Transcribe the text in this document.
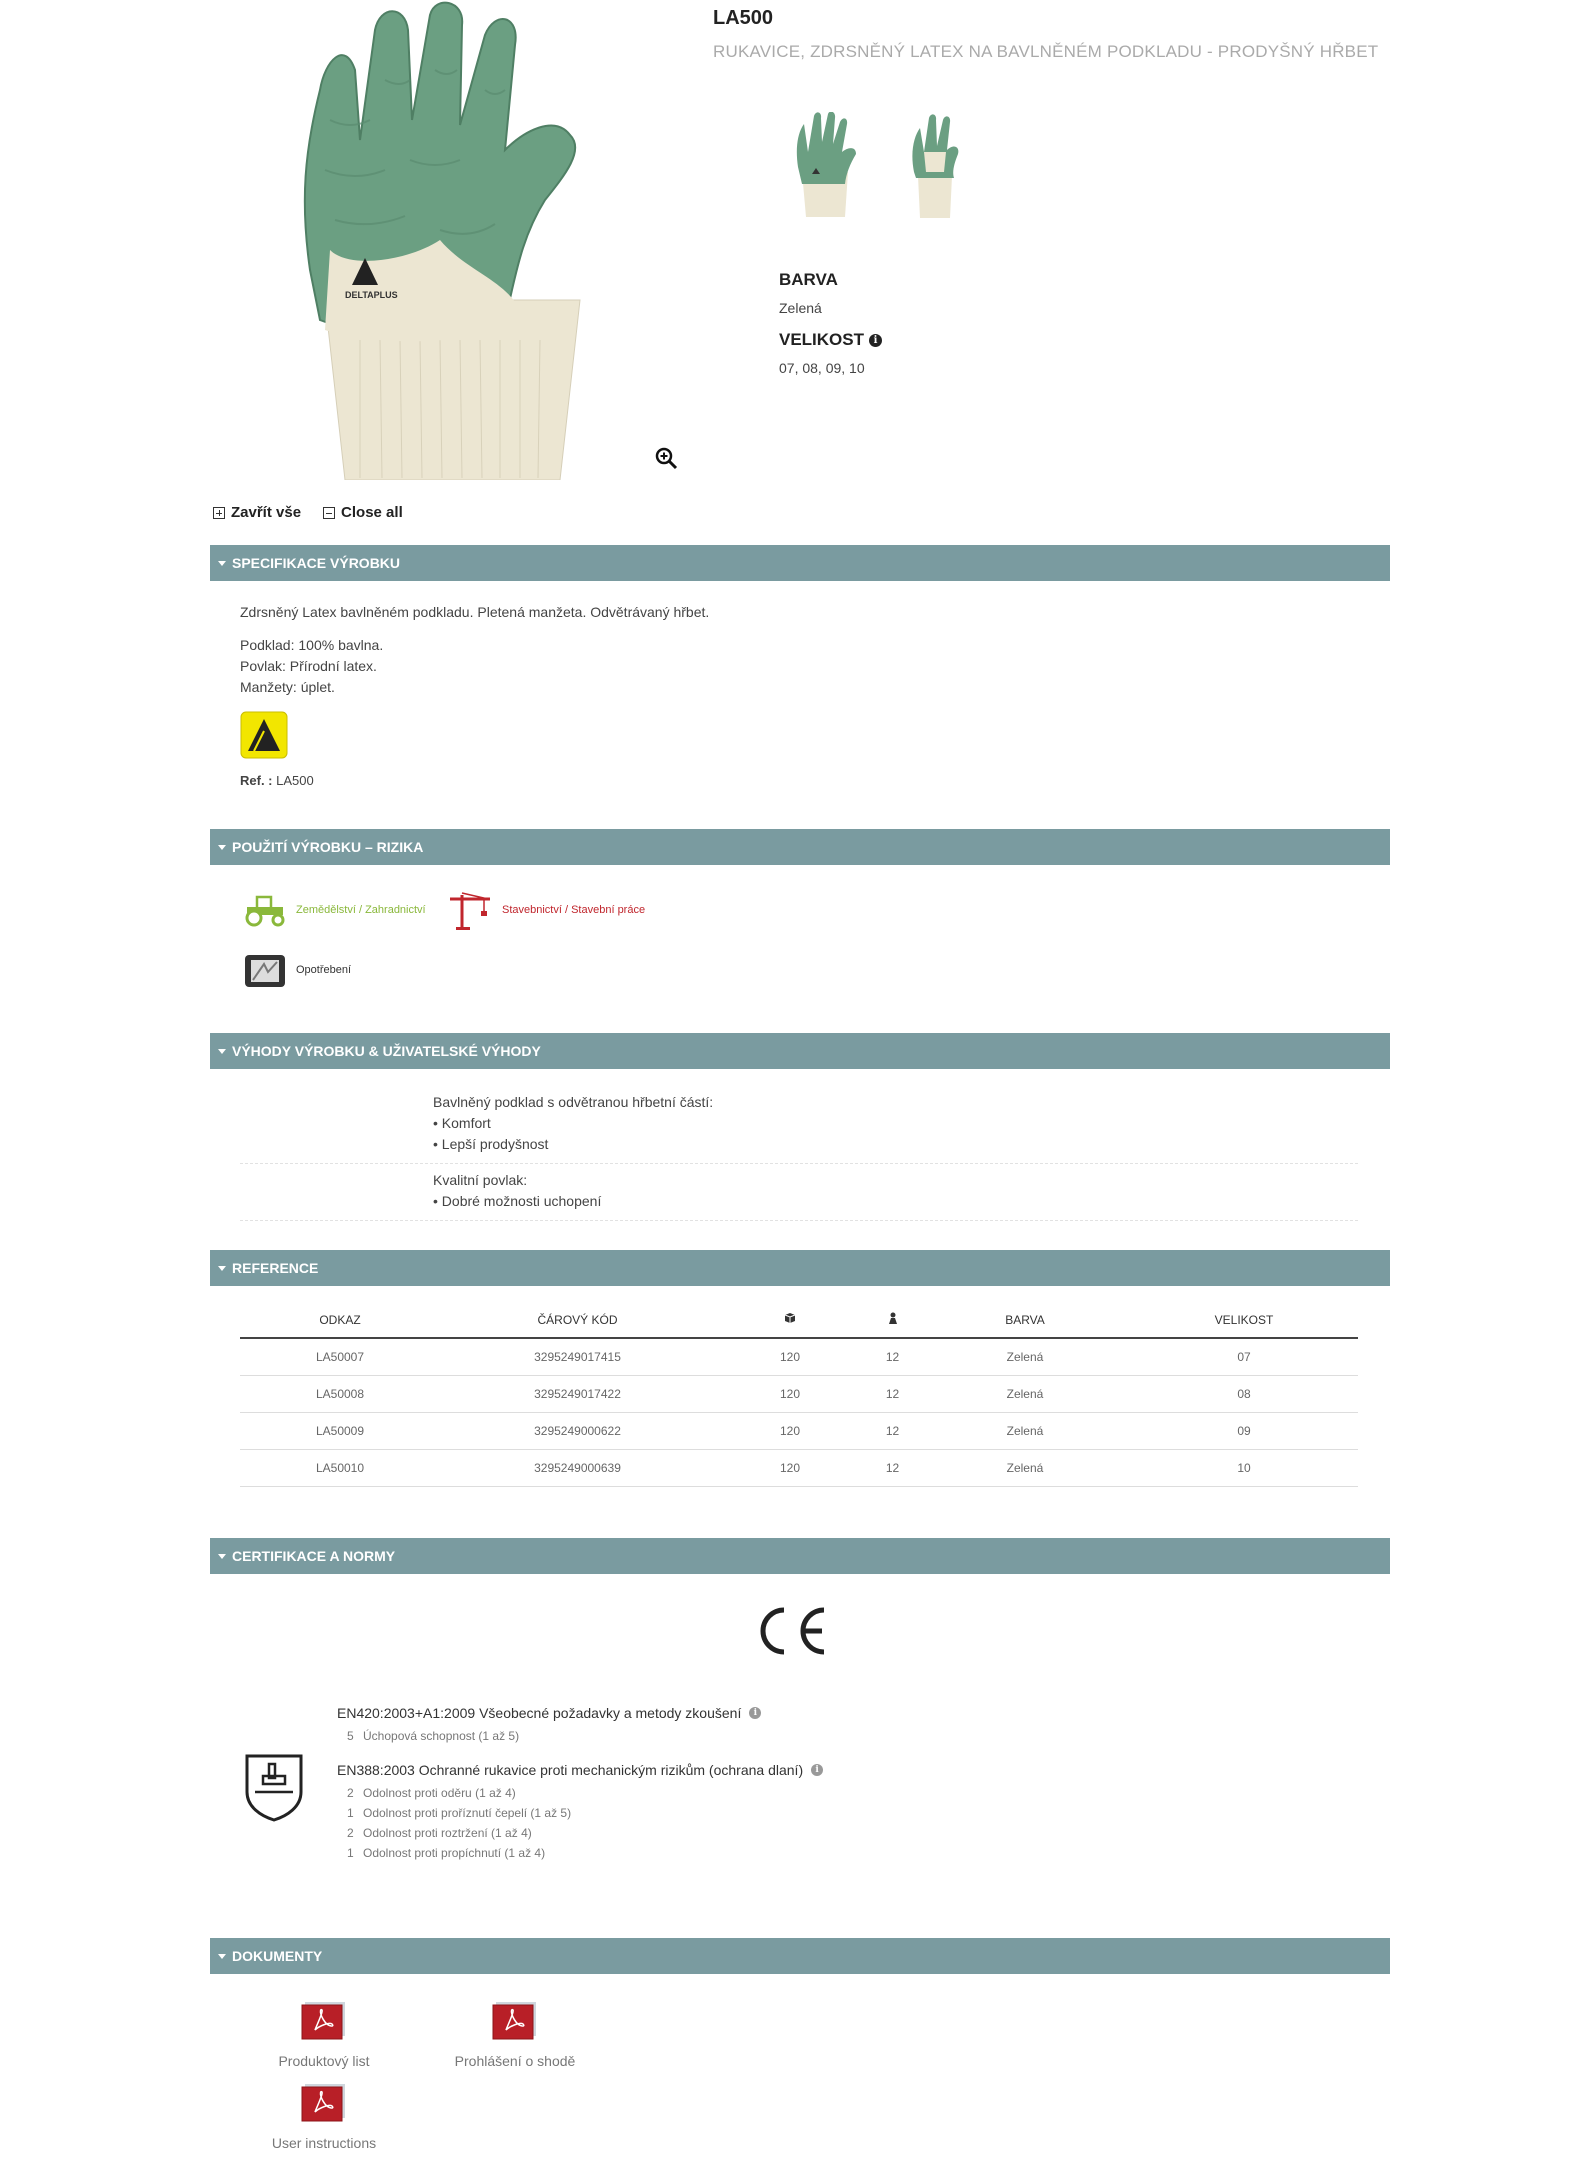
DELTAPLUS
LA500
RUKAVICE, ZDRSNĚNÝ LATEX NA BAVLNĚNÉM PODKLADU - PRODYŠNÝ HŘBET
BARVA
Zelená
VELIKOST i
07, 08, 09, 10
Zavřít vše	Close all
SPECIFIKACE VÝROBKU
Zdrsněný Latex bavlněném podkladu. Pletená manžeta. Odvětrávaný hřbet.
Podklad: 100% bavlna.
Povlak: Přírodní latex.
Manžety: úplet.
Ref. : LA500
POUŽITÍ VÝROBKU – RIZIKA
Zemědělství / Zahradnictví	Stavebnictví / Stavební práce
Opotřebení
VÝHODY VÝROBKU & UŽIVATELSKÉ VÝHODY
Bavlněný podklad s odvětranou hřbetní částí:
• Komfort
• Lepší prodyšnost
Kvalitní povlak:
• Dobré možnosti uchopení
REFERENCE
ODKAZ	ČÁROVÝ KÓD			BARVA	VELIKOST
LA50007	3295249017415	120	12	Zelená	07
LA50008	3295249017422	120	12	Zelená	08
LA50009	3295249000622	120	12	Zelená	09
LA50010	3295249000639	120	12	Zelená	10
CERTIFIKACE A NORMY
EN420:2003+A1:2009 Všeobecné požadavky a metody zkoušení	i
5 Úchopová schopnost (1 až 5)
EN388:2003 Ochranné rukavice proti mechanickým rizikům (ochrana dlaní)	i
2 Odolnost proti oděru (1 až 4)
1 Odolnost proti proříznutí čepelí (1 až 5)
2 Odolnost proti roztržení (1 až 4)
1 Odolnost proti propíchnutí (1 až 4)
DOKUMENTY
Produktový list	Prohlášení o shodě
User instructions
